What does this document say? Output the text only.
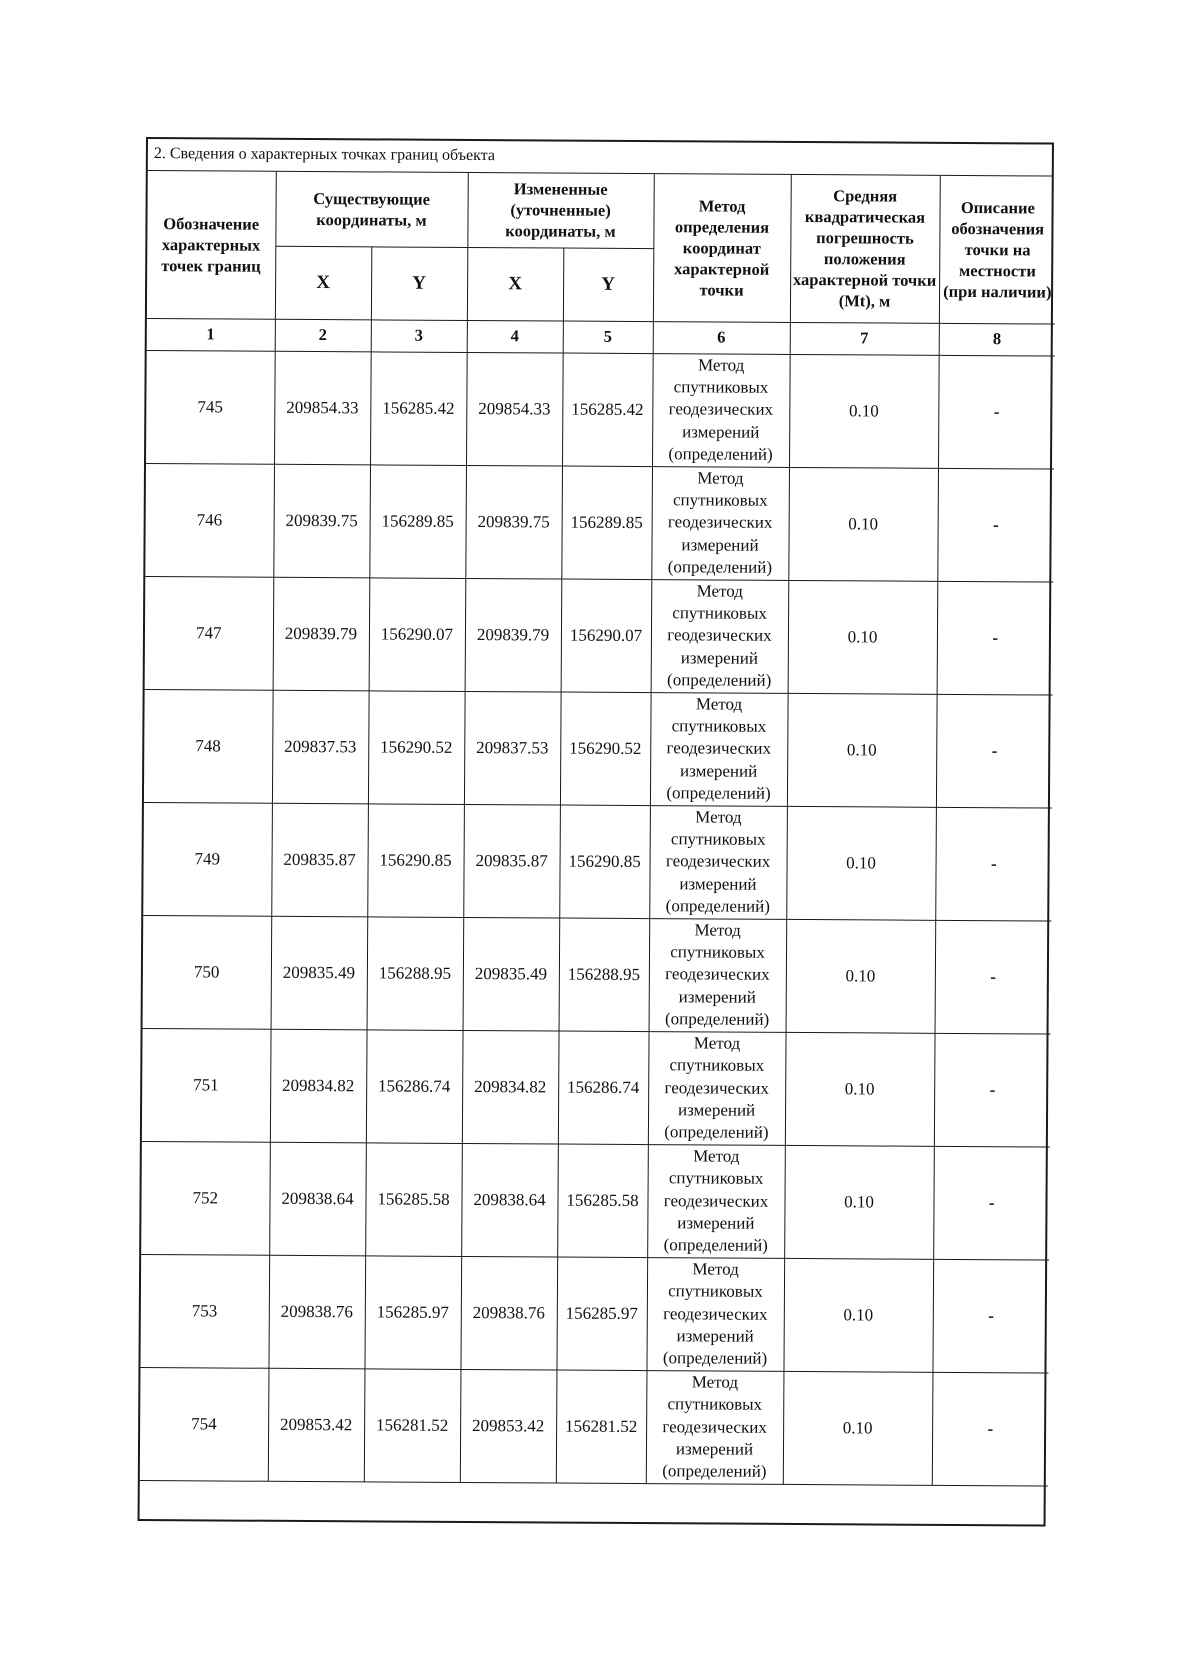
2. Сведения о характерных точках границ объекта
Обозначение характерных точек границ	Существующие координаты, м		Измененные (уточненные) координаты, м		Метод определения координат характерной точки	Средняя квадратическая погрешность положения характерной точки (Mt), м	Описание обозначения точки на местности (при наличии)
	X	Y	X	Y			
1	2	3	4	5	6	7	8
745	209854.33	156285.42	209854.33	156285.42	Метод спутниковых геодезических измерений (определений)	0.10	-
746	209839.75	156289.85	209839.75	156289.85	Метод спутниковых геодезических измерений (определений)	0.10	-
747	209839.79	156290.07	209839.79	156290.07	Метод спутниковых геодезических измерений (определений)	0.10	-
748	209837.53	156290.52	209837.53	156290.52	Метод спутниковых геодезических измерений (определений)	0.10	-
749	209835.87	156290.85	209835.87	156290.85	Метод спутниковых геодезических измерений (определений)	0.10	-
750	209835.49	156288.95	209835.49	156288.95	Метод спутниковых геодезических измерений (определений)	0.10	-
751	209834.82	156286.74	209834.82	156286.74	Метод спутниковых геодезических измерений (определений)	0.10	-
752	209838.64	156285.58	209838.64	156285.58	Метод спутниковых геодезических измерений (определений)	0.10	-
753	209838.76	156285.97	209838.76	156285.97	Метод спутниковых геодезических измерений (определений)	0.10	-
754	209853.42	156281.52	209853.42	156281.52	Метод спутниковых геодезических измерений (определений)	0.10	-
